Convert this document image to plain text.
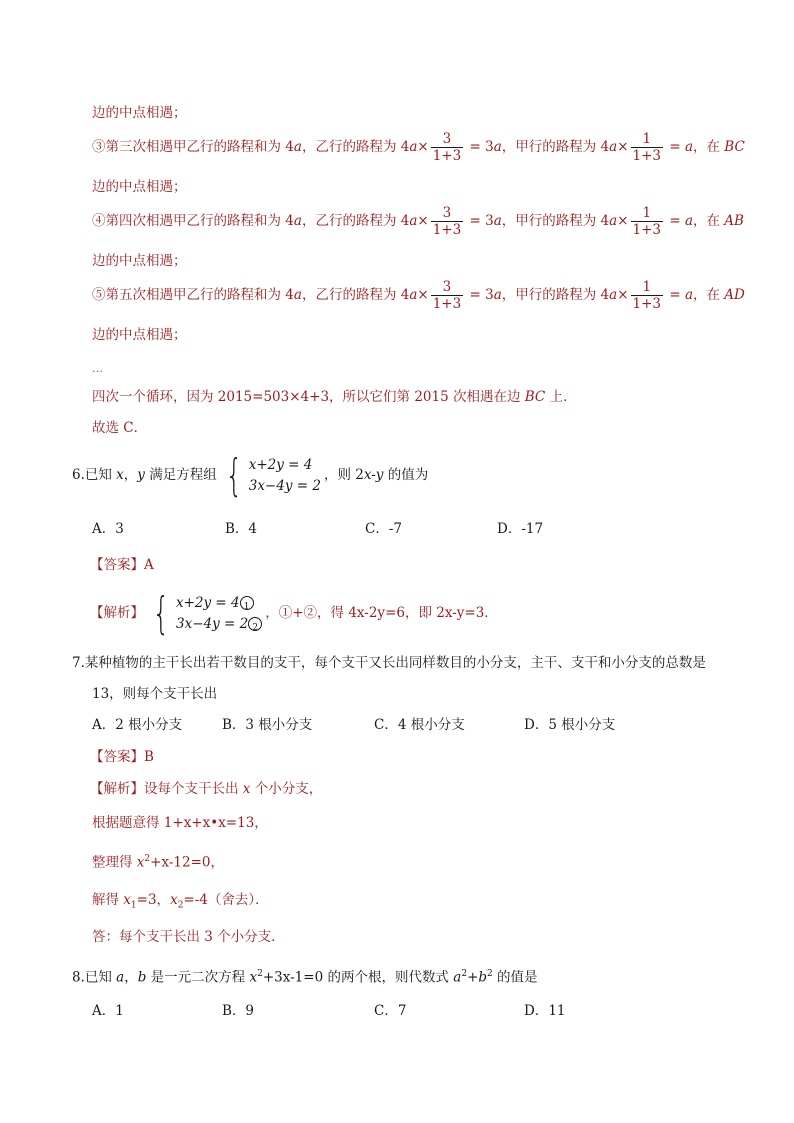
边的中点相遇；
③第三次相遇甲乙行的路程和为 4a，乙行的路程为 $4a\times \frac{3}{1+3} = 3a$，甲行的路程为 $4a\times \frac{1}{1+3} = a$，在 BC
边的中点相遇；
④第四次相遇甲乙行的路程和为 4a，乙行的路程为 $4a\times \frac{3}{1+3} = 3a$，甲行的路程为 $4a\times \frac{1}{1+3} = a$，在 AB
边的中点相遇；
⑤第五次相遇甲乙行的路程和为 4a，乙行的路程为 $4a\times \frac{3}{1+3} = 3a$，甲行的路程为 $4a\times \frac{1}{1+3} = a$，在 AD
边的中点相遇；
…
四次一个循环，因为 2015=503×4+3，所以它们第 2015 次相遇在边 BC 上．
故选 C．
6.已知 x，y 满足方程组 { x+2y = 4
3x−4y = 2
，则 2x-y 的值为
A．3	B．4	C．-7	D．-17
【答案】A
【解析】 { x+2y = 4 1
3x−4y = 2 2
，①+②，得 4x-2y=6，即 2x-y=3．
7.某种植物的主干长出若干数目的支干，每个支干又长出同样数目的小分支，主干、支干和小分支的总数是
13，则每个支干长出
A．2 根小分支	B．3 根小分支	C．4 根小分支	D．5 根小分支
【答案】B
【解析】设每个支干长出 x 个小分支，
根据题意得 1+x+x•x=13，
整理得 $x^2+x-12=0$，
解得 $x_1=3$，$x_2=-4$（舍去）．
答：每个支干长出 3 个小分支．
8.已知 a，b 是一元二次方程 $x^2+3x-1=0$ 的两个根，则代数式 $a^2+b^2$ 的值是
A．1	B．9	C．7	D．11
